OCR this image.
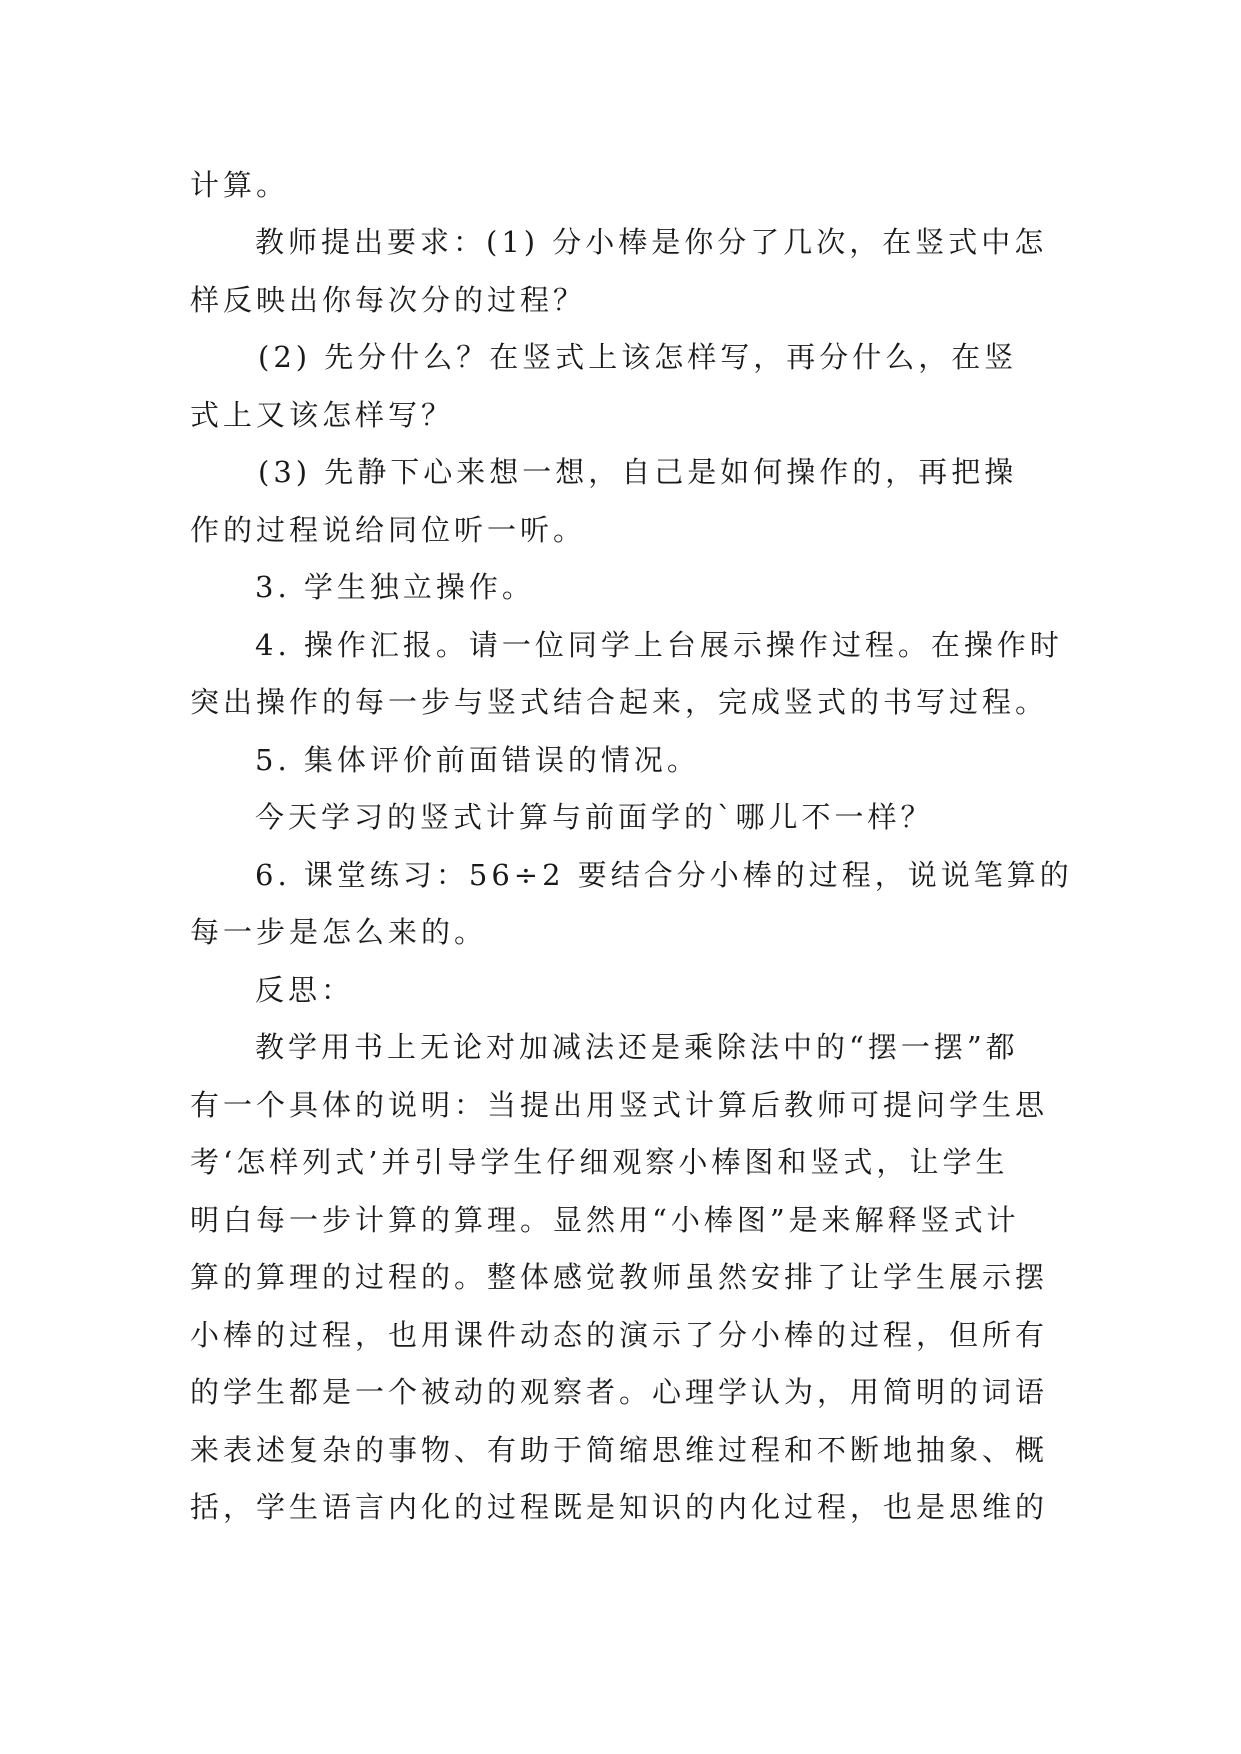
计算。
教师提出要求：(1) 分小棒是你分了几次，在竖式中怎
样反映出你每次分的过程？
(2) 先分什么？在竖式上该怎样写，再分什么，在竖
式上又该怎样写？
(3) 先静下心来想一想，自己是如何操作的，再把操
作的过程说给同位听一听。
3. 学生独立操作。
4. 操作汇报。请一位同学上台展示操作过程。在操作时
突出操作的每一步与竖式结合起来，完成竖式的书写过程。
5. 集体评价前面错误的情况。
今天学习的竖式计算与前面学的`哪儿不一样？
6. 课堂练习：56÷2 要结合分小棒的过程，说说笔算的
每一步是怎么来的。
反思：
教学用书上无论对加减法还是乘除法中的“摆一摆”都
有一个具体的说明：当提出用竖式计算后教师可提问学生思
考‘怎样列式’并引导学生仔细观察小棒图和竖式，让学生
明白每一步计算的算理。显然用“小棒图”是来解释竖式计
算的算理的过程的。整体感觉教师虽然安排了让学生展示摆
小棒的过程，也用课件动态的演示了分小棒的过程，但所有
的学生都是一个被动的观察者。心理学认为，用简明的词语
来表述复杂的事物、有助于简缩思维过程和不断地抽象、概
括，学生语言内化的过程既是知识的内化过程，也是思维的
